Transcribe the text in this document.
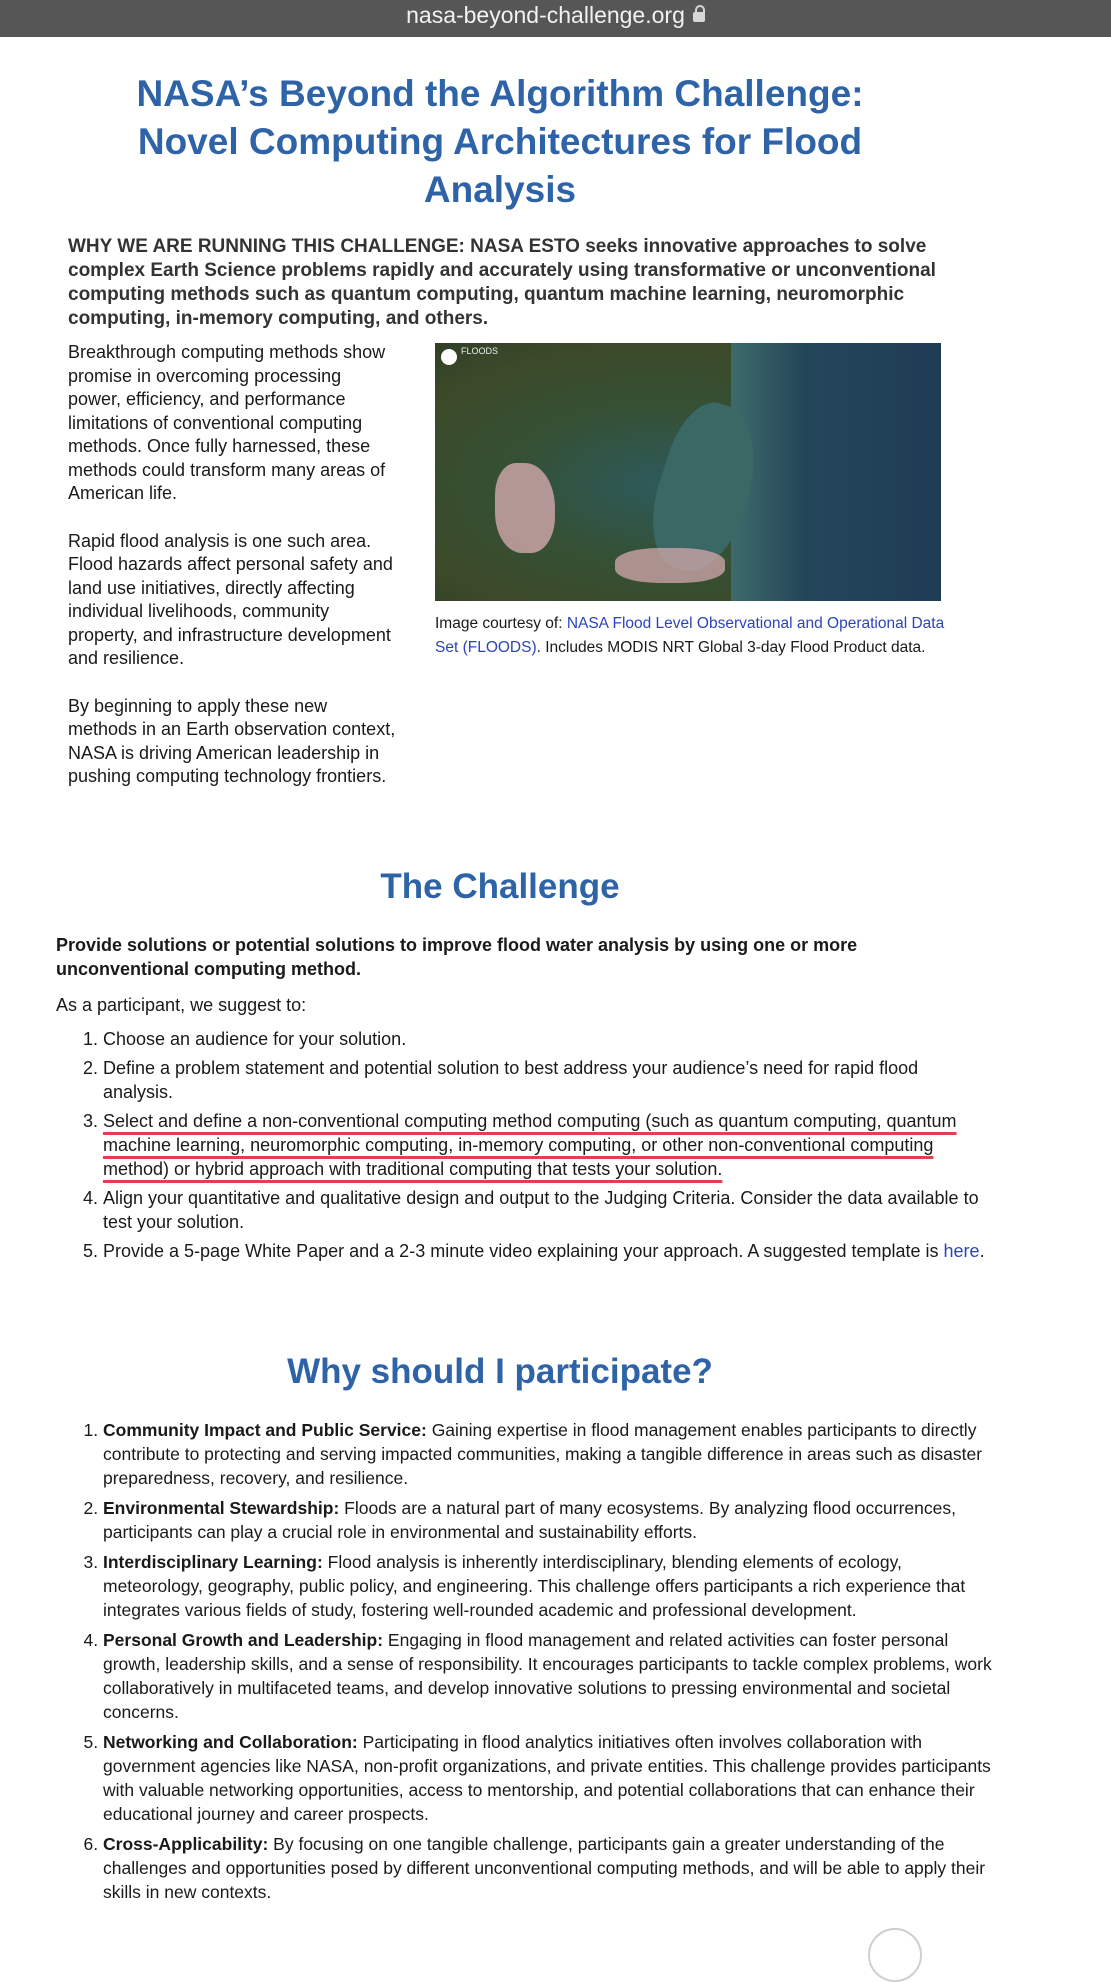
nasa-beyond-challenge.org
NASA’s Beyond the Algorithm Challenge: Novel Computing Architectures for Flood Analysis

WHY WE ARE RUNNING THIS CHALLENGE: NASA ESTO seeks innovative approaches to solve complex Earth Science problems rapidly and accurately using transformative or unconventional computing methods such as quantum computing, quantum machine learning, neuromorphic computing, in-memory computing, and others.

Breakthrough computing methods show promise in overcoming processing power, efficiency, and performance limitations of conventional computing methods. Once fully harnessed, these methods could transform many areas of American life.

Rapid flood analysis is one such area. Flood hazards affect personal safety and land use initiatives, directly affecting individual livelihoods, community property, and infrastructure development and resilience.

By beginning to apply these new methods in an Earth observation context, NASA is driving American leadership in pushing computing technology frontiers.

FLOODS
Image courtesy of: NASA Flood Level Observational and Operational Data Set (FLOODS). Includes MODIS NRT Global 3-day Flood Product data.
The Challenge

Provide solutions or potential solutions to improve flood water analysis by using one or more unconventional computing method.

As a participant, we suggest to:

1. Choose an audience for your solution.
2. Define a problem statement and potential solution to best address your audience’s need for rapid flood analysis.
3. Select and define a non-conventional computing method computing (such as quantum computing, quantum machine learning, neuromorphic computing, in-memory computing, or other non-conventional computing method) or hybrid approach with traditional computing that tests your solution.
4. Align your quantitative and qualitative design and output to the Judging Criteria. Consider the data available to test your solution.
5. Provide a 5-page White Paper and a 2-3 minute video explaining your approach. A suggested template is here.
Why should I participate?
1. Community Impact and Public Service: Gaining expertise in flood management enables participants to directly contribute to protecting and serving impacted communities, making a tangible difference in areas such as disaster preparedness, recovery, and resilience.
2. Environmental Stewardship: Floods are a natural part of many ecosystems. By analyzing flood occurrences, participants can play a crucial role in environmental and sustainability efforts.
3. Interdisciplinary Learning: Flood analysis is inherently interdisciplinary, blending elements of ecology, meteorology, geography, public policy, and engineering. This challenge offers participants a rich experience that integrates various fields of study, fostering well-rounded academic and professional development.
4. Personal Growth and Leadership: Engaging in flood management and related activities can foster personal growth, leadership skills, and a sense of responsibility. It encourages participants to tackle complex problems, work collaboratively in multifaceted teams, and develop innovative solutions to pressing environmental and societal concerns.
5. Networking and Collaboration: Participating in flood analytics initiatives often involves collaboration with government agencies like NASA, non-profit organizations, and private entities. This challenge provides participants with valuable networking opportunities, access to mentorship, and potential collaborations that can enhance their educational journey and career prospects.
6. Cross-Applicability: By focusing on one tangible challenge, participants gain a greater understanding of the challenges and opportunities posed by different unconventional computing methods, and will be able to apply their skills in new contexts.
